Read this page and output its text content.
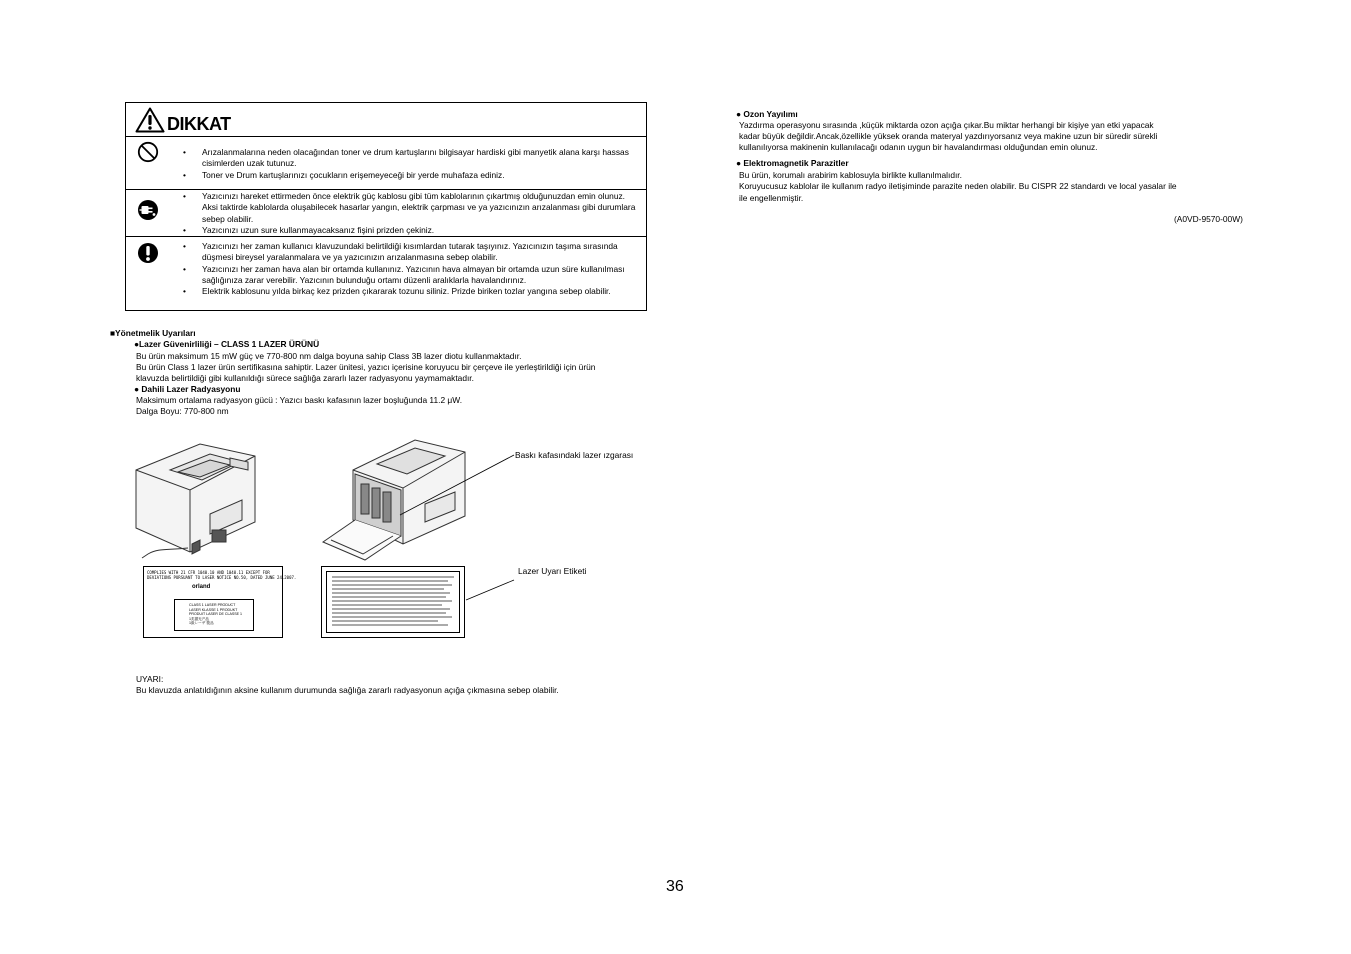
DIKKAT
• Arızalanmalarına neden olacağından toner ve drum kartuşlarını bilgisayar hardiski gibi manyetik alana karşı hassas cisimlerden uzak tutunuz.
• Toner ve Drum kartuşlarınızı çocukların erişemeyeceği bir yerde muhafaza ediniz.
• Yazıcınızı hareket ettirmeden önce elektrik güç kablosu gibi tüm kablolarının çıkartmış olduğunuzdan emin olunuz. Aksi taktirde kablolarda oluşabilecek hasarlar yangın, elektrik çarpması ve ya yazıcınızın arızalanması gibi durumlara sebep olabilir.
• Yazıcınızı uzun sure kullanmayacaksanız fişini prizden çekiniz.
• Yazıcınızı her zaman kullanıcı klavuzundaki belirtildiği kısımlardan tutarak taşıyınız. Yazıcınızın taşıma sırasında düşmesi bireysel yaralanmalara ve ya yazıcınızın arızalanmasına sebep olabilir.
• Yazıcınızı her zaman hava alan bir ortamda kullanınız. Yazıcının hava almayan bir ortamda uzun süre kullanılması sağlığınıza zarar verebilir. Yazıcının bulunduğu ortamı düzenli aralıklarla havalandırınız.
• Elektrik kablosunu yılda birkaç kez prizden çıkararak tozunu siliniz. Prizde biriken tozlar yangına sebep olabilir.
■Yönetmelik Uyarıları
●Lazer Güvenirliliği – CLASS 1 LAZER ÜRÜNÜ
Bu ürün maksimum 15 mW güç ve 770-800 nm dalga boyuna sahip Class 3B lazer diotu kullanmaktadır.
Bu ürün Class 1 lazer ürün sertifikasına sahiptir. Lazer ünitesi, yazıcı içerisine koruyucu bir çerçeve ile yerleştirildiği için ürün
klavuzda belirtildiği gibi kullanıldığı sürece sağlığa zararlı lazer radyasyonu yaymamaktadır.
● Dahili Lazer Radyasyonu
Maksimum ortalama radyasyon gücü : Yazıcı baskı kafasının lazer boşluğunda 11.2 μW.
Dalga Boyu: 770-800 nm
Baskı kafasındaki lazer ızgarası
Lazer Uyarı Etiketi
COMPLIES WITH 21 CFR 1040.10 AND 1040.11 EXCEPT FOR
DEVIATIONS PURSUANT TO LASER NOTICE NO.50, DATED JUNE 24,2007.
orland
CLASS 1 LASER PRODUCT
LASER KLASSE 1 PRODUKT
PRODUIT LASER DE CLASSE 1
1类激光产品
1級レーザ 製品
UYARI:
Bu klavuzda anlatıldığının aksine kullanım durumunda sağlığa zararlı radyasyonun açığa çıkmasına sebep olabilir.
● Ozon Yayılımı
Yazdırma operasyonu sırasında ,küçük miktarda ozon açığa çıkar.Bu miktar herhangi bir kişiye yan etki yapacak
kadar büyük değildir.Ancak,özellikle yüksek oranda materyal yazdırıyorsanız veya makine uzun bir süredir sürekli
kullanılıyorsa makinenin kullanılacağı odanın uygun bir havalandırması olduğundan emin olunuz.
● Elektromagnetik Parazitler
Bu ürün, korumalı arabirim kablosuyla birlikte kullanılmalıdır.
Koruyucusuz kablolar ile kullanım radyo iletişiminde parazite neden olabilir. Bu CISPR 22 standardı ve local yasalar ile
ile engellenmiştir.
(A0VD-9570-00W)
36
